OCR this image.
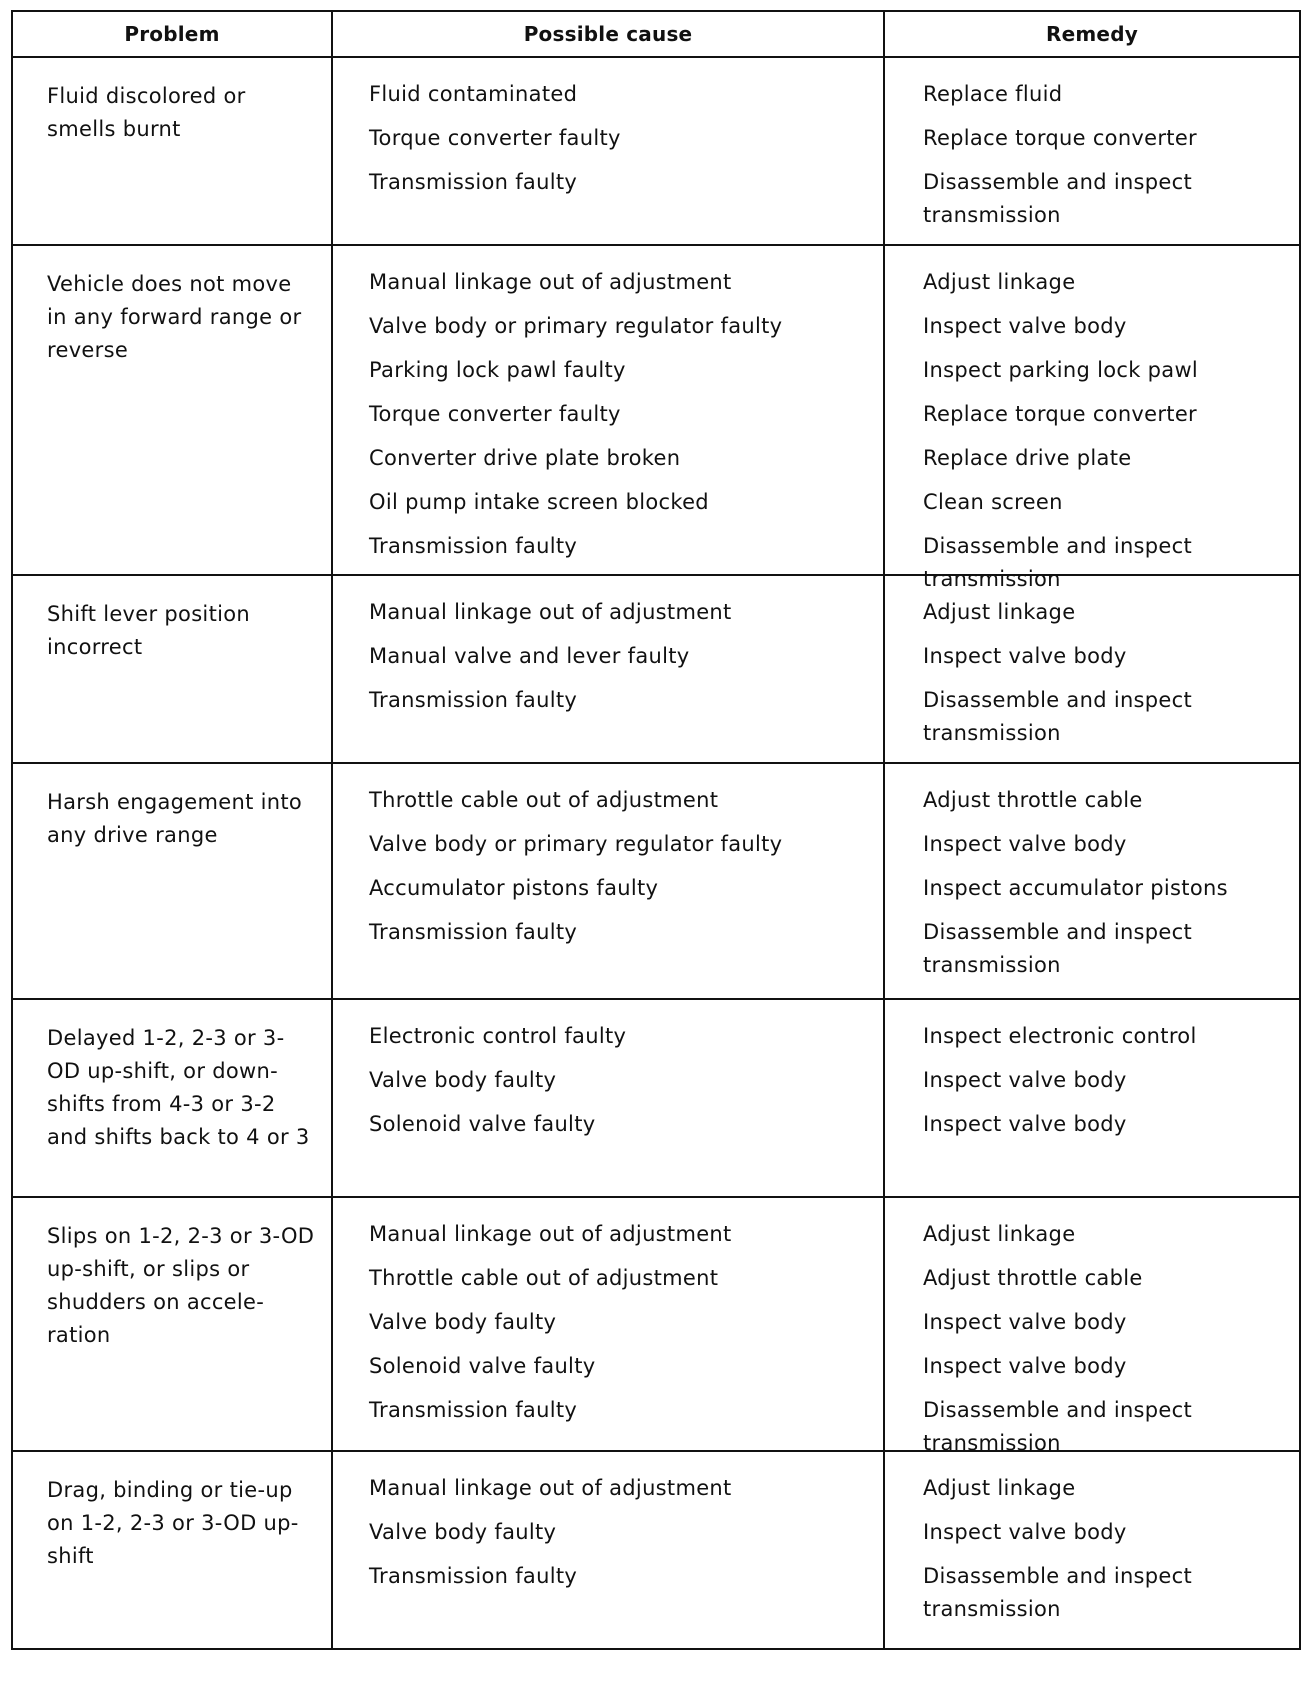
Problem	Possible cause	Remedy

Fluid discolored or smells burnt

Fluid contaminated
Torque converter faulty
Transmission faulty
Replace fluid
Replace torque converter
Disassemble and inspect transmission

Vehicle does not move in any forward range or reverse

Manual linkage out of adjustment
Valve body or primary regulator faulty
Parking lock pawl faulty
Torque converter faulty
Converter drive plate broken
Oil pump intake screen blocked
Transmission faulty
Adjust linkage
Inspect valve body
Inspect parking lock pawl
Replace torque converter
Replace drive plate
Clean screen
Disassemble and inspect transmission

Shift lever position incorrect

Manual linkage out of adjustment
Manual valve and lever faulty
Transmission faulty
Adjust linkage
Inspect valve body
Disassemble and inspect transmission

Harsh engagement into any drive range

Throttle cable out of adjustment
Valve body or primary regulator faulty
Accumulator pistons faulty
Transmission faulty
Adjust throttle cable
Inspect valve body
Inspect accumulator pistons
Disassemble and inspect transmission

Delayed 1-2, 2-3 or 3-OD up-shift, or down-shifts from 4-3 or 3-2 and shifts back to 4 or 3

Electronic control faulty
Valve body faulty
Solenoid valve faulty
Inspect electronic control
Inspect valve body
Inspect valve body

Slips on 1-2, 2-3 or 3-OD up-shift, or slips or shudders on accele-ration

Manual linkage out of adjustment
Throttle cable out of adjustment
Valve body faulty
Solenoid valve faulty
Transmission faulty
Adjust linkage
Adjust throttle cable
Inspect valve body
Inspect valve body
Disassemble and inspect transmission

Drag, binding or tie-up on 1-2, 2-3 or 3-OD up-shift

Manual linkage out of adjustment
Valve body faulty
Transmission faulty
Adjust linkage
Inspect valve body
Disassemble and inspect transmission
